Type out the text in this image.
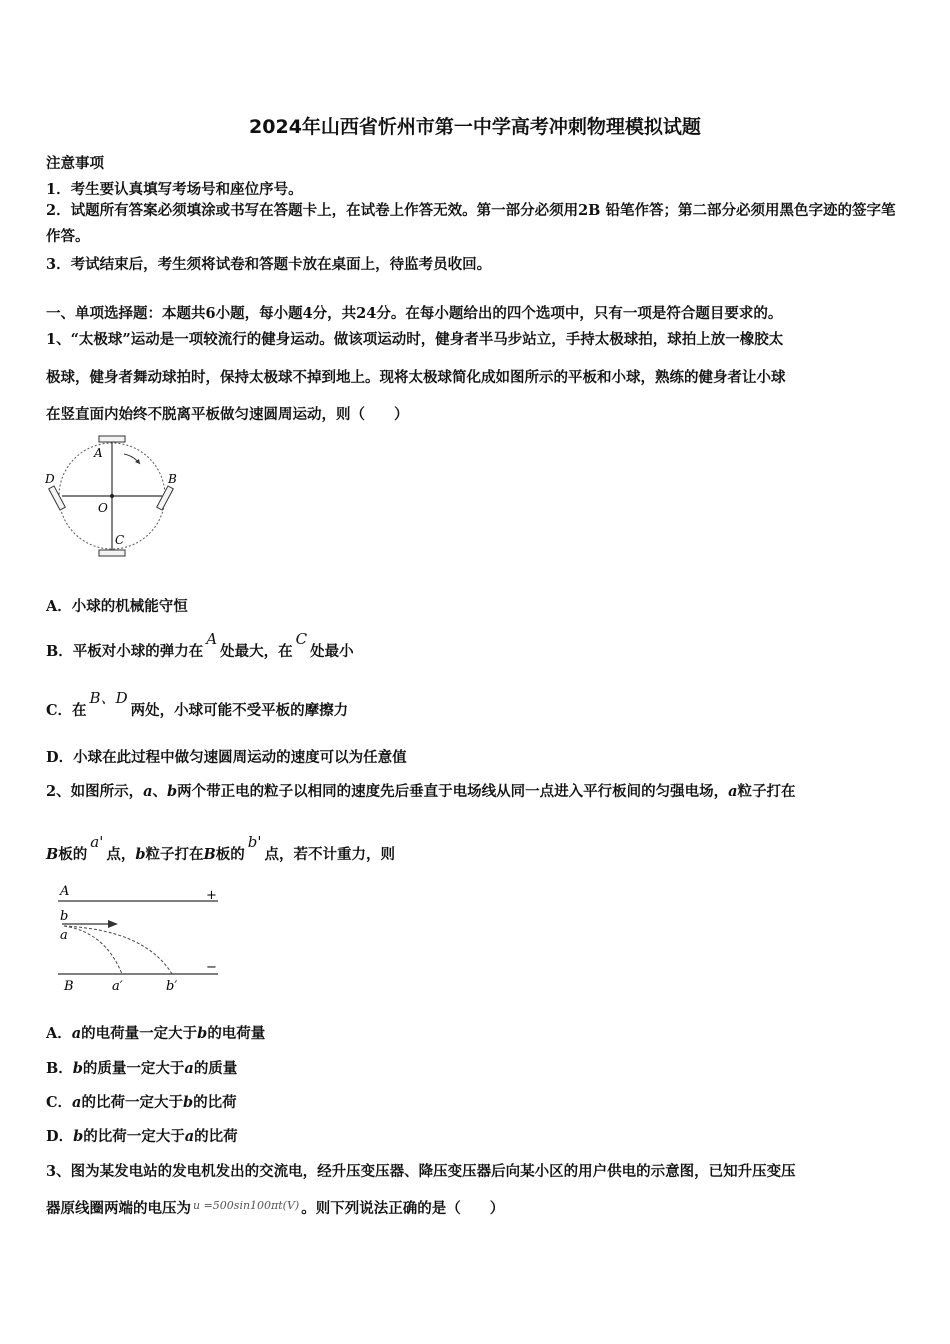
2024年山西省忻州市第一中学高考冲刺物理模拟试题
注意事项
1．考生要认真填写考场号和座位序号。
2．试题所有答案必须填涂或书写在答题卡上，在试卷上作答无效。第一部分必须用2B 铅笔作答；第二部分必须用黑色字迹的签字笔作答。
3．考试结束后，考生须将试卷和答题卡放在桌面上，待监考员收回。
一、单项选择题：本题共6小题，每小题4分，共24分。在每小题给出的四个选项中，只有一项是符合题目要求的。
1、“太极球”运动是一项较流行的健身运动。做该项运动时，健身者半马步站立，手持太极球拍，球拍上放一橡胶太
极球，健身者舞动球拍时，保持太极球不掉到地上。现将太极球简化成如图所示的平板和小球，熟练的健身者让小球
在竖直面内始终不脱离平板做匀速圆周运动，则（　　）
A
B
C
D
O
A．小球的机械能守恒
B．平板对小球的弹力在A处最大，在C处最小
C．在B、D两处，小球可能不受平板的摩擦力
D．小球在此过程中做匀速圆周运动的速度可以为任意值
2、如图所示，a、b两个带正电的粒子以相同的速度先后垂直于电场线从同一点进入平行板间的匀强电场，a粒子打在
B板的a'点，b粒子打在B板的b'点，若不计重力，则
A	+
b
a
−
B	a′	b′
A．a的电荷量一定大于b的电荷量
B．b的质量一定大于a的质量
C．a的比荷一定大于b的比荷
D．b的比荷一定大于a的比荷
3、图为某发电站的发电机发出的交流电，经升压变压器、降压变压器后向某小区的用户供电的示意图，已知升压变压
器原线圈两端的电压为 $^{u =500sin100\pi t(V)}$ 。则下列说法正确的是（　　）
